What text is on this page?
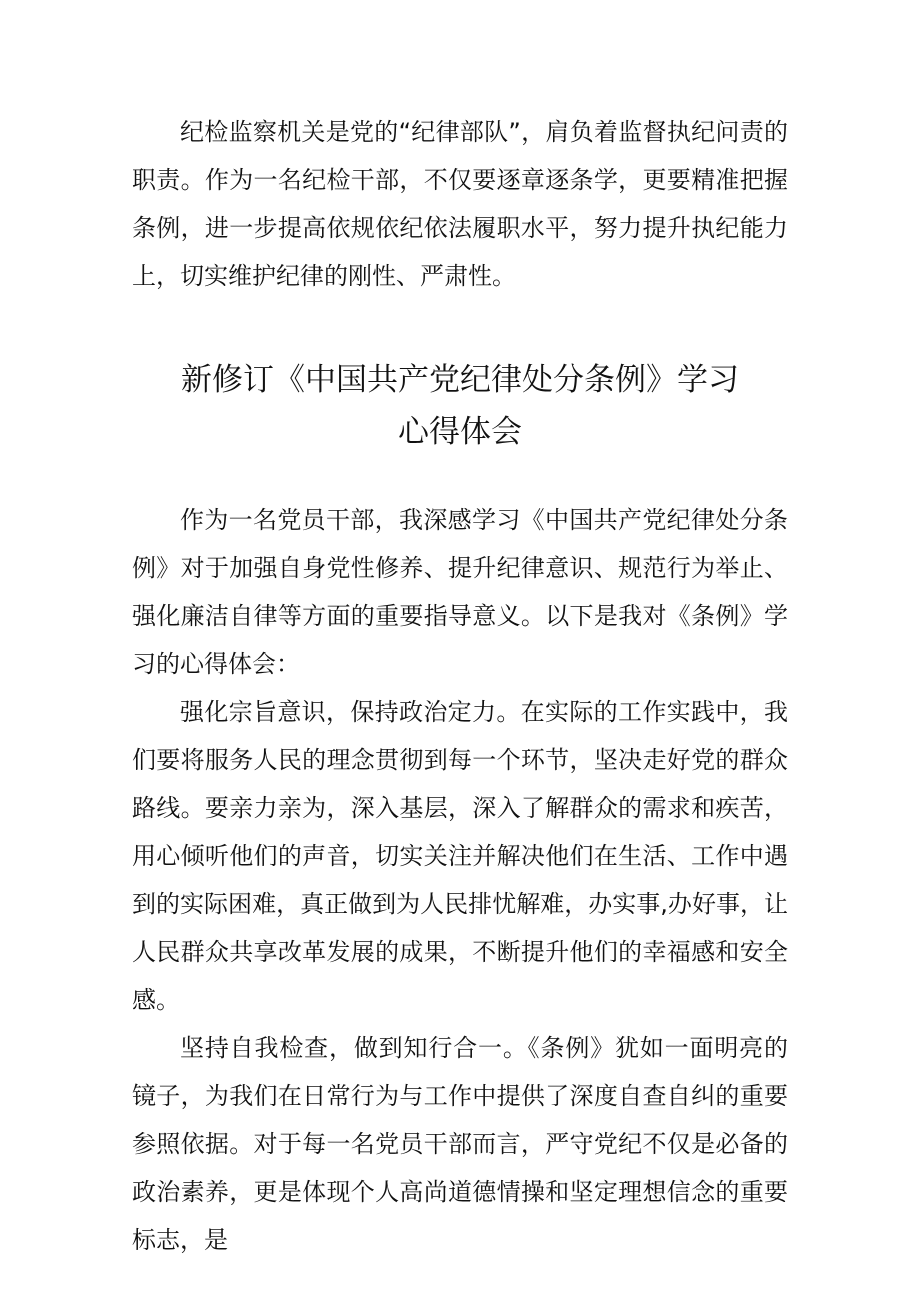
纪检监察机关是党的“纪律部队”，肩负着监督执纪问责的职责。作为一名纪检干部，不仅要逐章逐条学，更要精准把握条例，进一步提高依规依纪依法履职水平，努力提升执纪能力上，切实维护纪律的刚性、严肃性。

新修订《中国共产党纪律处分条例》学习
心得体会

作为一名党员干部，我深感学习《中国共产党纪律处分条例》对于加强自身党性修养、提升纪律意识、规范行为举止、强化廉洁自律等方面的重要指导意义。以下是我对《条例》学习的心得体会：

强化宗旨意识，保持政治定力。在实际的工作实践中，我们要将服务人民的理念贯彻到每一个环节，坚决走好党的群众路线。要亲力亲为，深入基层，深入了解群众的需求和疾苦，用心倾听他们的声音，切实关注并解决他们在生活、工作中遇到的实际困难，真正做到为人民排忧解难，办实事,办好事，让人民群众共享改革发展的成果，不断提升他们的幸福感和安全感。

坚持自我检查，做到知行合一。《条例》犹如一面明亮的镜子，为我们在日常行为与工作中提供了深度自查自纠的重要参照依据。对于每一名党员干部而言，严守党纪不仅是必备的政治素养，更是体现个人高尚道德情操和坚定理想信念的重要标志，是
